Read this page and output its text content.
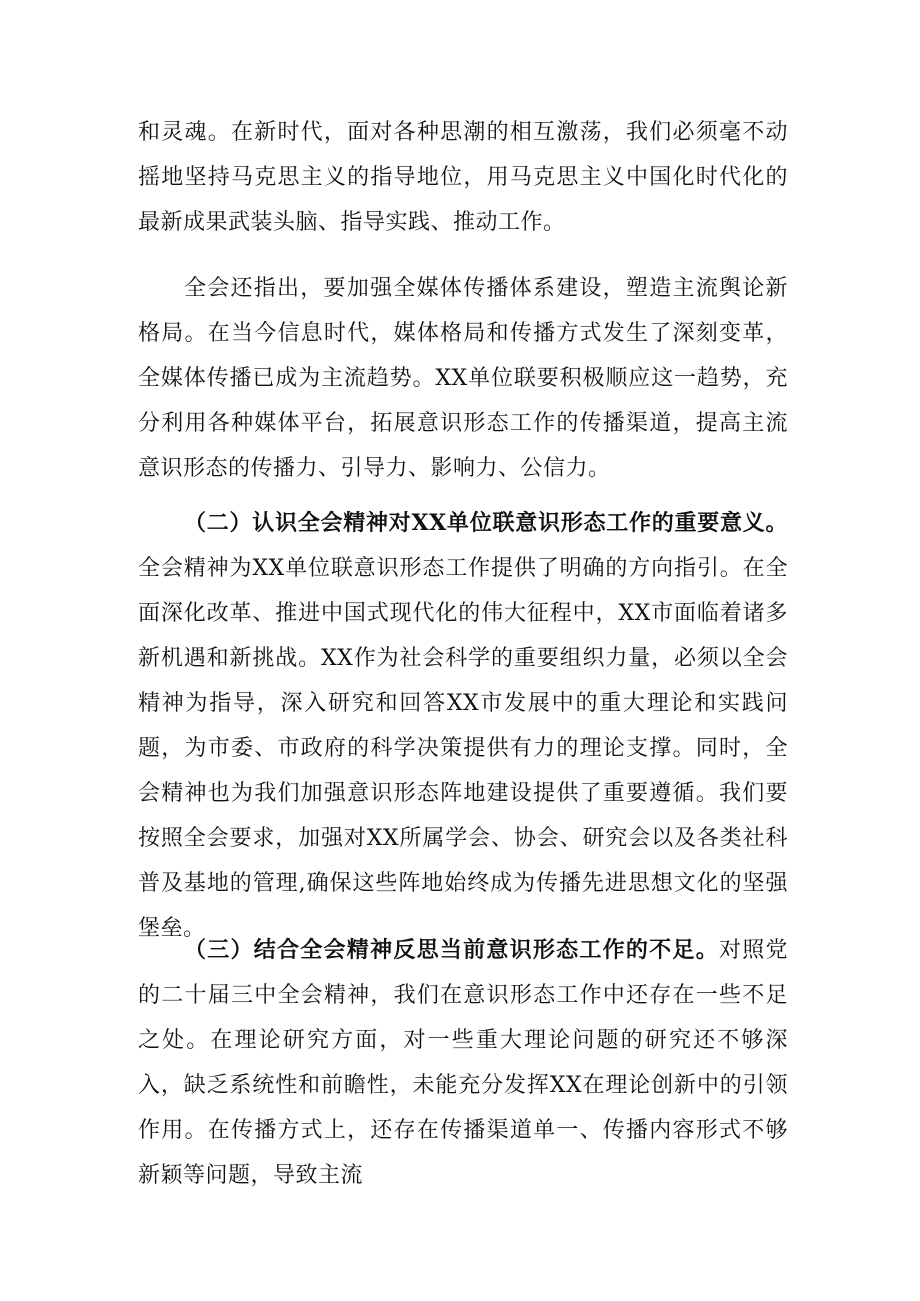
和灵魂。在新时代，面对各种思潮的相互激荡，我们必须毫不动摇地坚持马克思主义的指导地位，用马克思主义中国化时代化的最新成果武装头脑、指导实践、推动工作。

全会还指出，要加强全媒体传播体系建设，塑造主流舆论新格局。在当今信息时代，媒体格局和传播方式发生了深刻变革，全媒体传播已成为主流趋势。XX单位联要积极顺应这一趋势，充分利用各种媒体平台，拓展意识形态工作的传播渠道，提高主流意识形态的传播力、引导力、影响力、公信力。

（二）认识全会精神对XX单位联意识形态工作的重要意义。全会精神为XX单位联意识形态工作提供了明确的方向指引。在全面深化改革、推进中国式现代化的伟大征程中，XX市面临着诸多新机遇和新挑战。XX作为社会科学的重要组织力量，必须以全会精神为指导，深入研究和回答XX市发展中的重大理论和实践问题，为市委、市政府的科学决策提供有力的理论支撑。同时，全会精神也为我们加强意识形态阵地建设提供了重要遵循。我们要按照全会要求，加强对XX所属学会、协会、研究会以及各类社科普及基地的管理,确保这些阵地始终成为传播先进思想文化的坚强堡垒。

（三）结合全会精神反思当前意识形态工作的不足。对照党的二十届三中全会精神，我们在意识形态工作中还存在一些不足之处。在理论研究方面，对一些重大理论问题的研究还不够深入，缺乏系统性和前瞻性，未能充分发挥XX在理论创新中的引领作用。在传播方式上，还存在传播渠道单一、传播内容形式不够新颖等问题，导致主流
